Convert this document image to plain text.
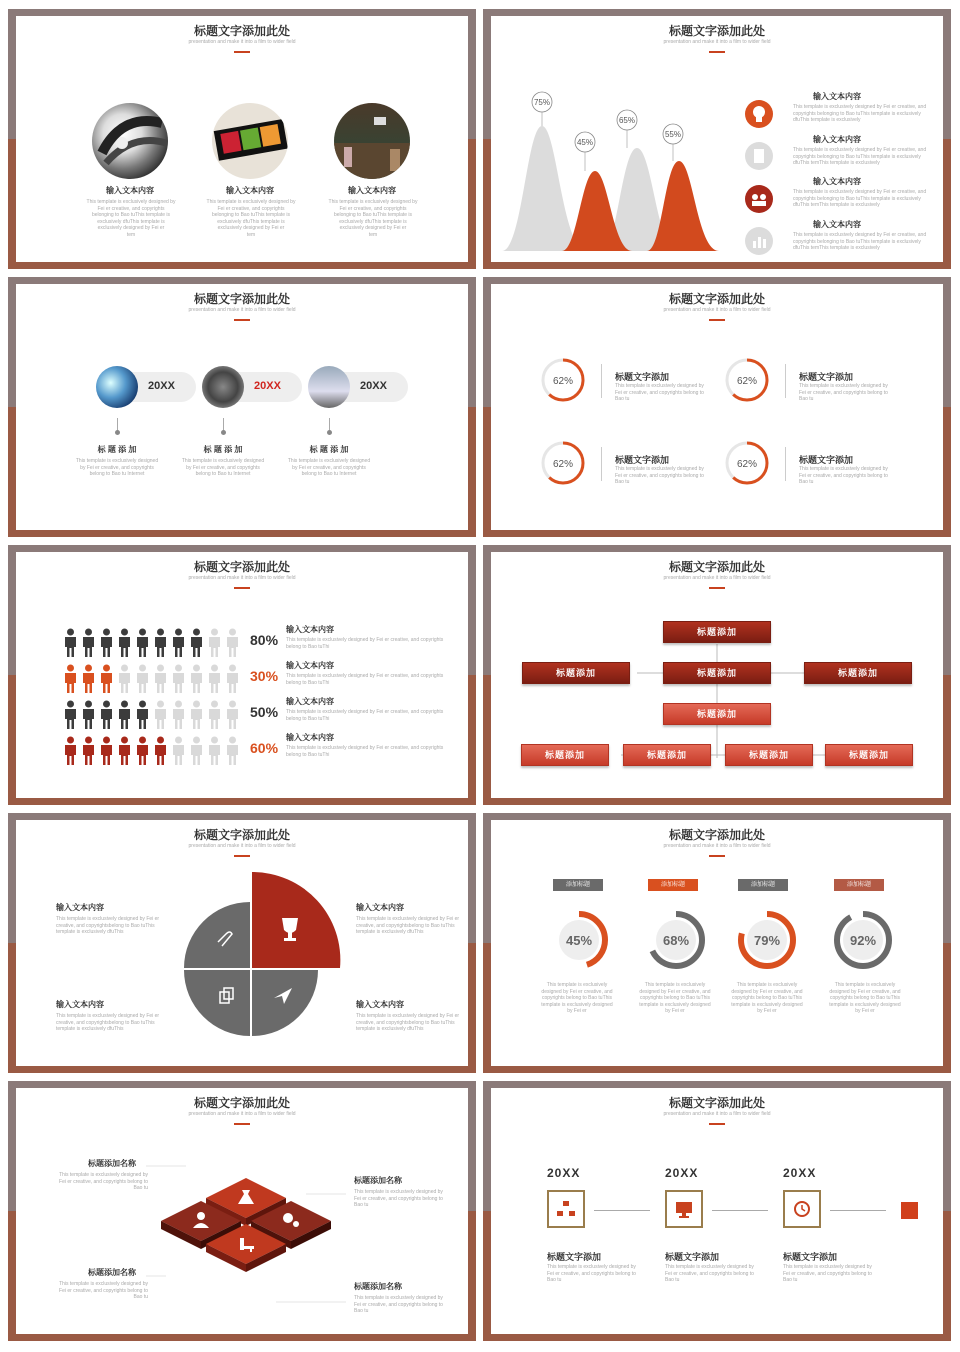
标题文字添加此处
presentation and make it into a film to wider field
输入文本内容
This template is exclusively designed by Fei er creative, and copyrights belonging to Bao tuThis template is exclusively dfuThis template is exclusively designed by Fei er
tem
输入文本内容
This template is exclusively designed by Fei er creative, and copyrights belonging to Bao tuThis template is exclusively dfuThis template is exclusively designed by Fei er
tem
输入文本内容
This template is exclusively designed by Fei er creative, and copyrights belonging to Bao tuThis template is exclusively dfuThis template is exclusively designed by Fei er
tem
标题文字添加此处
presentation and make it into a film to wider field
75%
45%
65%
55%
输入文本内容
This template is exclusively designed by Fei er creative, and copyrights belonging to Bao tuThis template is exclusively dfuThis template is exclusively
输入文本内容
This template is exclusively designed by Fei er creative, and copyrights belonging to Bao tuThis template is exclusively dfuThis temThis template is exclusively
输入文本内容
This template is exclusively designed by Fei er creative, and copyrights belonging to Bao tuThis template is exclusively dfuThis temThis template is exclusively
输入文本内容
This template is exclusively designed by Fei er creative, and copyrights belonging to Bao tuThis template is exclusively dfuThis temThis template is exclusively
标题文字添加此处
presentation and make it into a film to wider field
20XX	20XX	20XX
标 题 添 加
This template is exclusively designed by Fei er creative, and copyrights belong to Bao tu Internet
标 题 添 加
This template is exclusively designed by Fei er creative, and copyrights belong to Bao tu Internet
标 题 添 加
This template is exclusively designed by Fei er creative, and copyrights belong to Bao tu Internet
标题文字添加此处
presentation and make it into a film to wider field
62%	62%
62%	62%
标题文字添加
This template is exclusively designed by Fei er creative, and copyrights belong to Bao tu
标题文字添加
This template is exclusively designed by Fei er creative, and copyrights belong to Bao tu
标题文字添加
This template is exclusively designed by Fei er creative, and copyrights belong to Bao tu
标题文字添加
This template is exclusively designed by Fei er creative, and copyrights belong to Bao tu
标题文字添加此处
presentation and make it into a film to wider field
80%
30%
50%
60%
输入文本内容
This template is exclusively designed by Fei er creative, and copyrights belong to Bao tuThi
输入文本内容
This template is exclusively designed by Fei er creative, and copyrights belong to Bao tuThi
输入文本内容
This template is exclusively designed by Fei er creative, and copyrights belong to Bao tuThi
输入文本内容
This template is exclusively designed by Fei er creative, and copyrights belong to Bao tuThi
标题文字添加此处
presentation and make it into a film to wider field
标题添加
标题添加	标题添加	标题添加
标题添加
标题添加	标题添加	标题添加	标题添加
标题文字添加此处
presentation and make it into a film to wider field
输入文本内容
This template is exclusively designed by Fei er creative, and copyrightsbelong to Bao tuThis template is exclusively dfuThis
输入文本内容
This template is exclusively designed by Fei er creative, and copyrightsbelong to Bao tuThis template is exclusively dfuThis
输入文本内容
This template is exclusively designed by Fei er creative, and copyrightsbelong to Bao tuThis template is exclusively dfuThis
输入文本内容
This template is exclusively designed by Fei er creative, and copyrightsbelong to Bao tuThis template is exclusively dfuThis
标题文字添加此处
presentation and make it into a film to wider field
添加标题	添加标题	添加标题	添加标题
45%	68%	79%	92%
This template is exclusively designed by Fei er creative, and copyrights belong to Bao tuThis template is exclusively designed by Fei er
This template is exclusively designed by Fei er creative, and copyrights belong to Bao tuThis template is exclusively designed by Fei er
This template is exclusively designed by Fei er creative, and copyrights belong to Bao tuThis template is exclusively designed by Fei er
This template is exclusively designed by Fei er creative, and copyrights belong to Bao tuThis template is exclusively designed by Fei er
标题文字添加此处
presentation and make it into a film to wider field
标题添加名称
This template is exclusively designed by Fei er creative, and copyrights belong to Bao tu
标题添加名称
This template is exclusively designed by Fei er creative, and copyrights belong to Bao tu
标题添加名称
This template is exclusively designed by Fei er creative, and copyrights belong to Bao tu
标题添加名称
This template is exclusively designed by Fei er creative, and copyrights belong to Bao tu
标题文字添加此处
presentation and make it into a film to wider field
20XX	20XX	20XX
标题文字添加
This template is exclusively designed by Fei er creative, and copyrights belong to Bao tu
标题文字添加
This template is exclusively designed by Fei er creative, and copyrights belong to Bao tu
标题文字添加
This template is exclusively designed by Fei er creative, and copyrights belong to Bao tu
